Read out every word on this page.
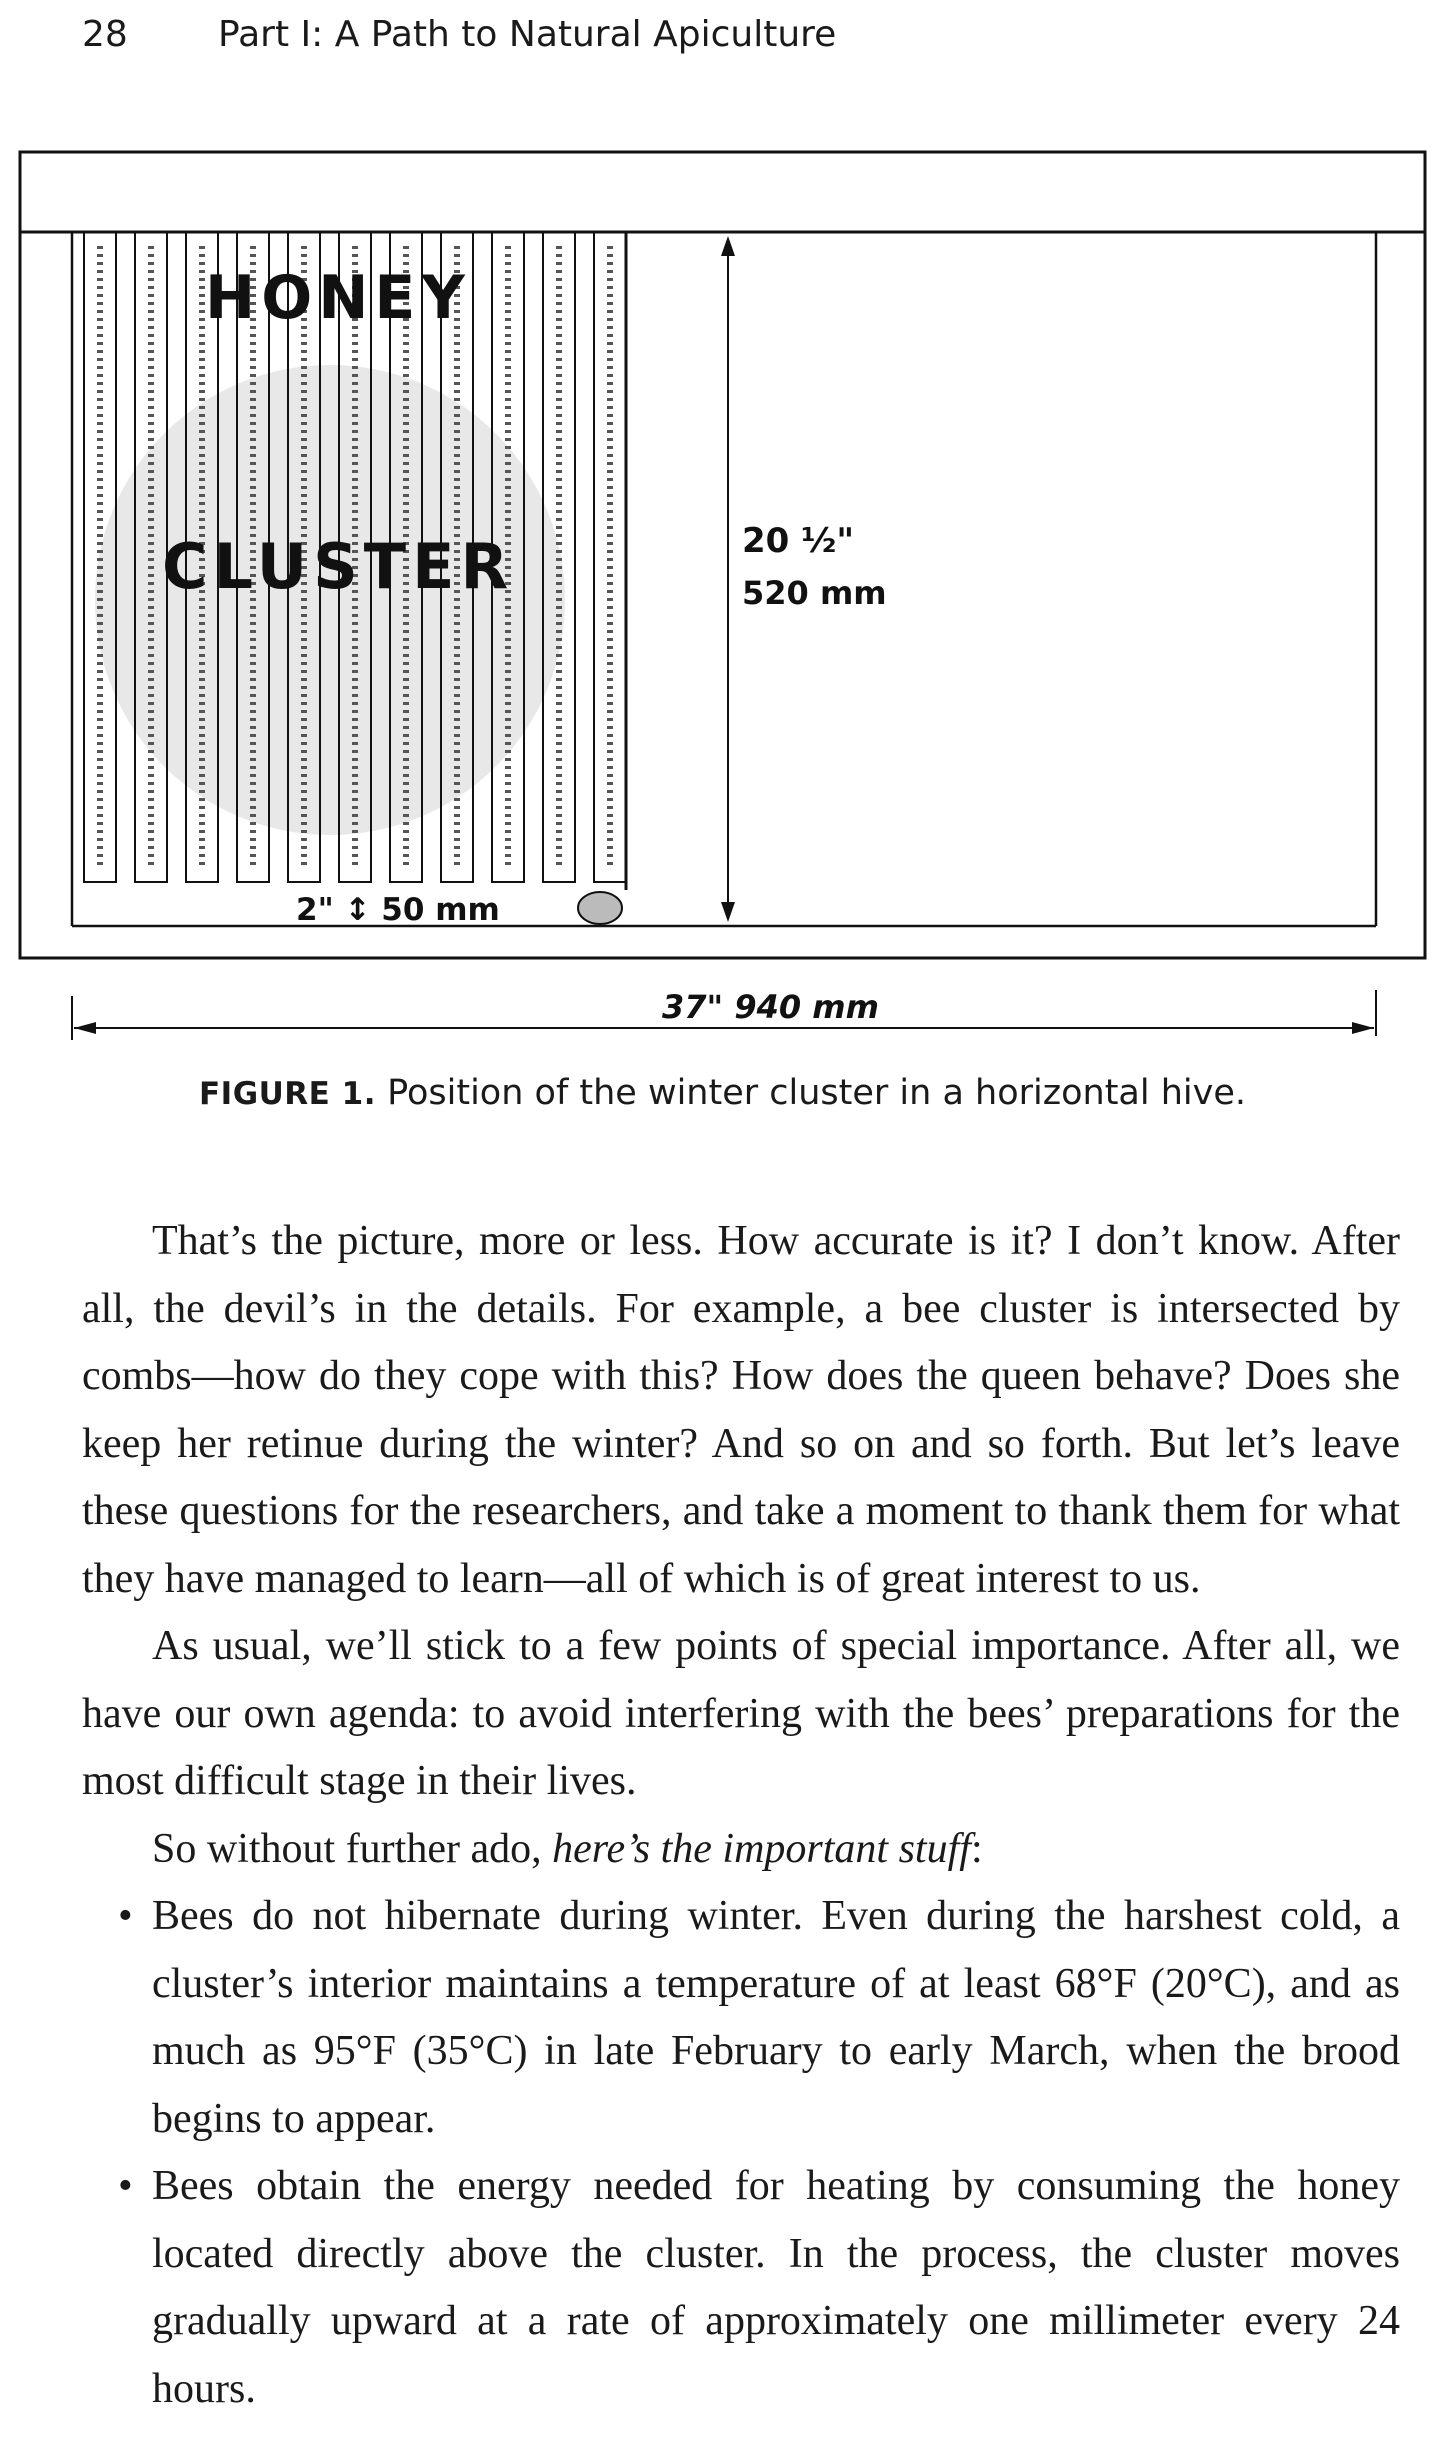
28	Part I: A Path to Natural Apiculture
HONEY
CLUSTER	20 ½"
520 mm
2" ↕ 50 mm
37" 940 mm
FIGURE 1. Position of the winter cluster in a horizontal hive.

That’s the picture, more or less. How accurate is it? I don’t know. After all, the devil’s in the details. For example, a bee cluster is intersected by combs—how do they cope with this? How does the queen behave? Does she keep her retinue during the winter? And so on and so forth. But let’s leave these questions for the researchers, and take a moment to thank them for what they have managed to learn—all of which is of great interest to us.

As usual, we’ll stick to a few points of special importance. After all, we have our own agenda: to avoid interfering with the bees’ preparations for the most difficult stage in their lives.

So without further ado, here’s the important stuff:

• Bees do not hibernate during winter. Even during the harshest cold, a cluster’s interior maintains a temperature of at least 68°F (20°C), and as much as 95°F (35°C) in late February to early March, when the brood begins to appear.
• Bees obtain the energy needed for heating by consuming the honey located directly above the cluster. In the process, the cluster moves gradually upward at a rate of approximately one millimeter every 24 hours.
